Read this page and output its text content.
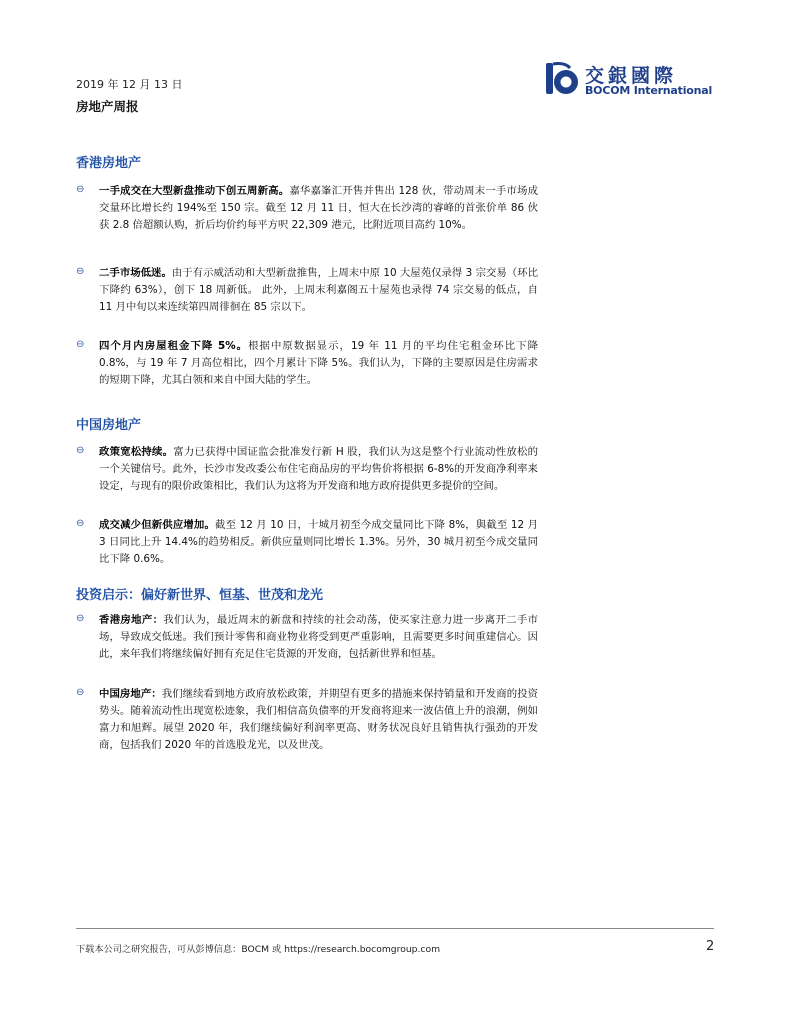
2019 年 12 月 13 日
房地产周报
交銀國際
BOCOM International
香港房地产
⊖ 一手成交在大型新盘推动下创五周新高。嘉华嘉峯汇开售并售出 128 伙，带动周末一手市场成交量环比增长约 194%至 150 宗。截至 12 月 11 日，恒大在长沙湾的睿峰的首张价单 86 伙获 2.8 倍超额认购，折后均价约每平方呎 22,309 港元，比附近项目高约 10%。
⊖ 二手市场低迷。由于有示威活动和大型新盘推售，上周末中原 10 大屋苑仅录得 3 宗交易（环比下降约 63%），创下 18 周新低。 此外，上周末利嘉阁五十屋苑也录得 74 宗交易的低点，自 11 月中旬以来连续第四周徘徊在 85 宗以下。
⊖ 四个月内房屋租金下降 5%。根据中原数据显示，19 年 11 月的平均住宅租金环比下降 0.8%，与 19 年 7 月高位相比，四个月累计下降 5%。我们认为，下降的主要原因是住房需求的短期下降，尤其白领和来自中国大陆的学生。
中国房地产
⊖ 政策宽松持续。富力已获得中国证监会批准发行新 H 股，我们认为这是整个行业流动性放松的一个关键信号。此外，长沙市发改委公布住宅商品房的平均售价将根据 6-8%的开发商净利率来设定，与现有的限价政策相比，我们认为这将为开发商和地方政府提供更多提价的空间。
⊖ 成交减少但新供应增加。截至 12 月 10 日，十城月初至今成交量同比下降 8%，與截至 12 月 3 日同比上升 14.4%的趋势相反。新供应量则同比增长 1.3%。另外，30 城月初至今成交量同比下降 0.6%。
投资启示：偏好新世界、恒基、世茂和龙光
⊖ 香港房地产：我们认为，最近周末的新盘和持续的社会动荡，使买家注意力进一步离开二手市场，导致成交低迷。我们预计零售和商业物业将受到更严重影响，且需要更多时间重建信心。因此，来年我们将继续偏好拥有充足住宅货源的开发商，包括新世界和恒基。
⊖ 中国房地产：我们继续看到地方政府放松政策，并期望有更多的措施来保持销量和开发商的投资势头。随着流动性出现宽松迹象，我们相信高负债率的开发商将迎来一波估值上升的浪潮，例如富力和旭辉。展望 2020 年，我们继续偏好利润率更高、财务状况良好且销售执行强劲的开发商，包括我们 2020 年的首选股龙光，以及世茂。
下载本公司之研究报告，可从彭博信息：BOCM 或 https://research.bocomgroup.com	2
